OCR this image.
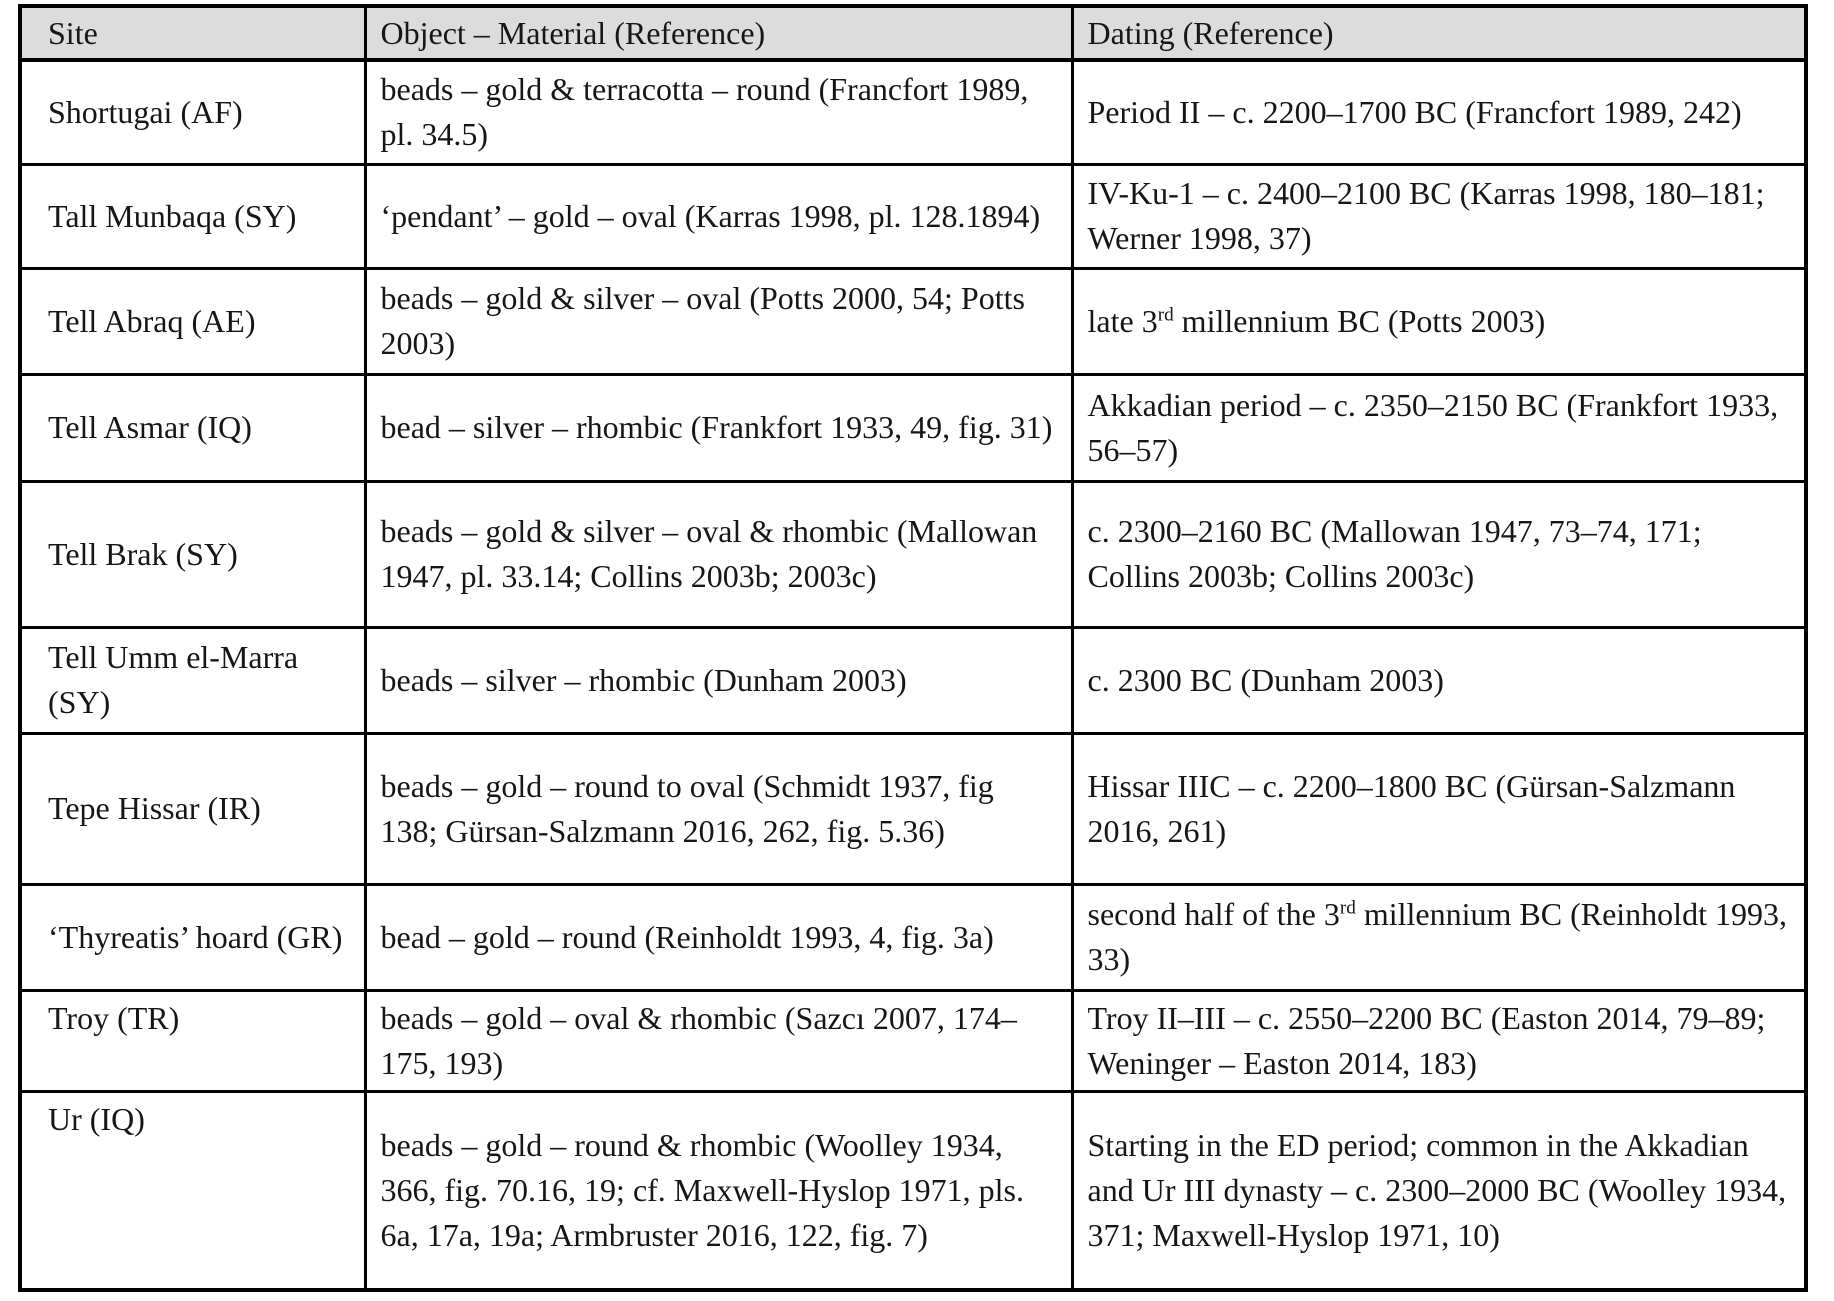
Site	Object – Material (Reference)	Dating (Reference)
Shortugai (AF)	beads – gold & terracotta – round (Francfort 1989, pl. 34.5)	Period II – c. 2200–1700 BC (Francfort 1989, 242)
Tall Munbaqa (SY)	‘pendant’ – gold – oval (Karras 1998, pl. 128.1894)	IV-Ku-1 – c. 2400–2100 BC (Karras 1998, 180–181; Werner 1998, 37)
Tell Abraq (AE)	beads – gold & silver – oval (Potts 2000, 54; Potts 2003)	late 3rd millennium BC (Potts 2003)
Tell Asmar (IQ)	bead – silver – rhombic (Frankfort 1933, 49, fig. 31)	Akkadian period – c. 2350–2150 BC (Frankfort 1933, 56–57)
Tell Brak (SY)	beads – gold & silver – oval & rhombic (Mallowan 1947, pl. 33.14; Collins 2003b; 2003c)	c. 2300–2160 BC (Mallowan 1947, 73–74, 171; Collins 2003b; Collins 2003c)
Tell Umm el-Marra (SY)	beads – silver – rhombic (Dunham 2003)	c. 2300 BC (Dunham 2003)
Tepe Hissar (IR)	beads – gold – round to oval (Schmidt 1937, fig 138; Gürsan-Salzmann 2016, 262, fig. 5.36)	Hissar IIIC – c. 2200–1800 BC (Gürsan-Salzmann 2016, 261)
‘Thyreatis’ hoard (GR)	bead – gold – round (Reinholdt 1993, 4, fig. 3a)	second half of the 3rd millennium BC (Reinholdt 1993, 33)
Troy (TR)	beads – gold – oval & rhombic (Sazcı 2007, 174–175, 193)	Troy II–III – c. 2550–2200 BC (Easton 2014, 79–89; Weninger – Easton 2014, 183)
Ur (IQ)	beads – gold – round & rhombic (Woolley 1934, 366, fig. 70.16, 19; cf. Maxwell-Hyslop 1971, pls. 6a, 17a, 19a; Armbruster 2016, 122, fig. 7)	Starting in the ED period; common in the Akkadian and Ur III dynasty – c. 2300–2000 BC (Woolley 1934, 371; Maxwell-Hyslop 1971, 10)
